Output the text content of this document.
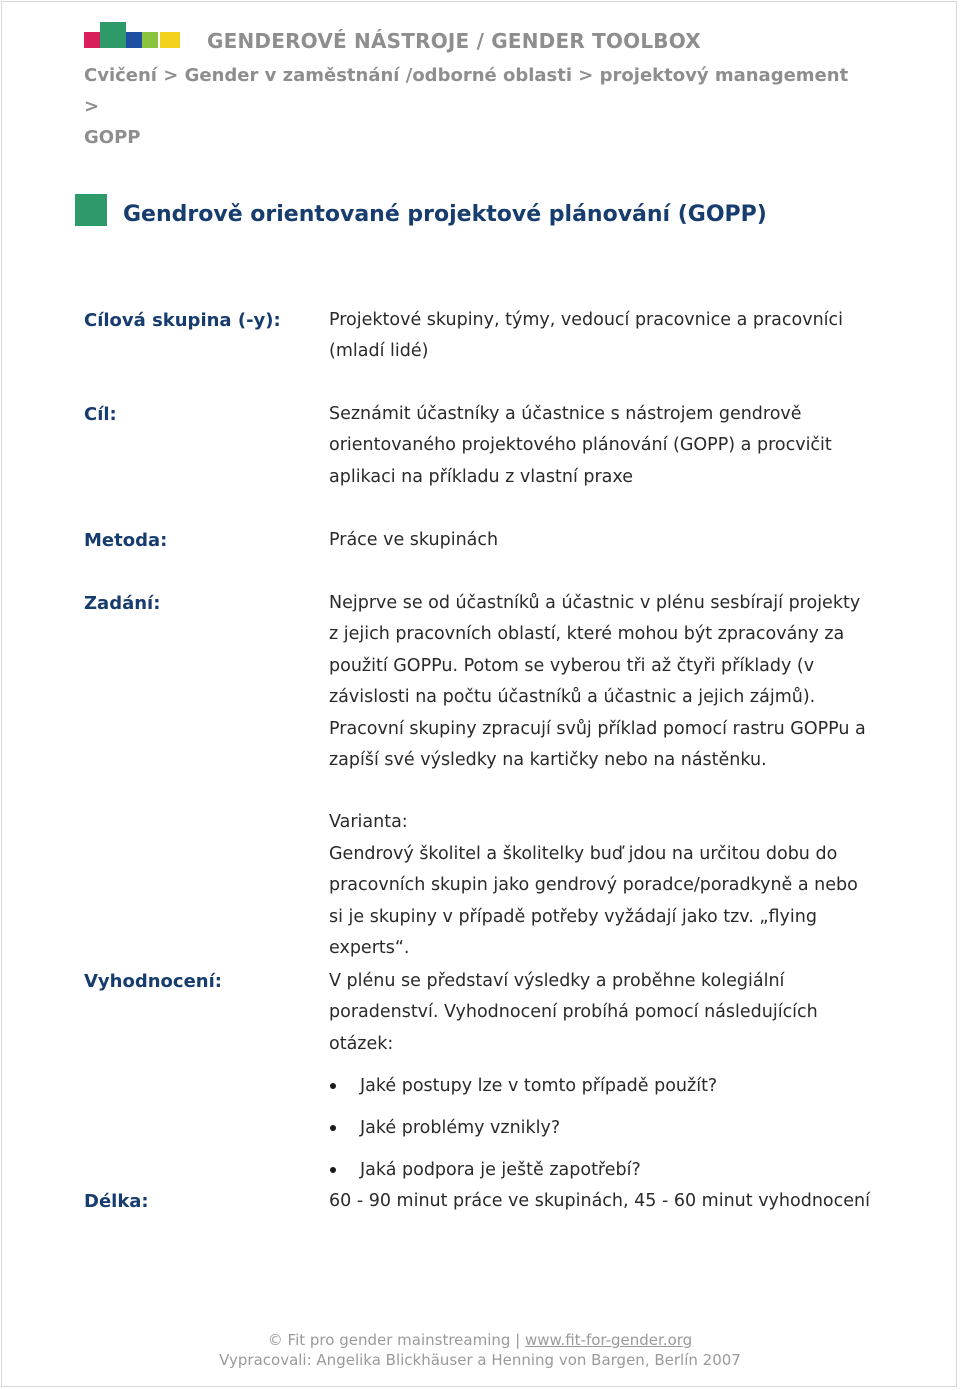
GENDEROVÉ NÁSTROJE / GENDER TOOLBOX
Cvičení > Gender v zaměstnání /odborné oblasti > projektový management >
GOPP
Gendrově orientované projektové plánování (GOPP)
Cílová skupina (-y):	Projektové skupiny, týmy, vedoucí pracovnice a pracovníci (mladí lidé)
Cíl:	Seznámit účastníky a účastnice s nástrojem gendrově orientovaného projektového plánování (GOPP) a procvičit aplikaci na příkladu z vlastní praxe
Metoda:	Práce ve skupinách
Zadání:	Nejprve se od účastníků a účastnic v plénu sesbírají projekty z jejich pracovních oblastí, které mohou být zpracovány za použití GOPPu. Potom se vyberou tři až čtyři příklady (v závislosti na počtu účastníků a účastnic a jejich zájmů). Pracovní skupiny zpracují svůj příklad pomocí rastru GOPPu a zapíší své výsledky na kartičky nebo na nástěnku.

Varianta:

Gendrový školitel a školitelky buď jdou na určitou dobu do pracovních skupin jako gendrový poradce/poradkyně a nebo si je skupiny v případě potřeby vyžádají jako tzv. „flying experts“.

Vyhodnocení:	V plénu se představí výsledky a proběhne kolegiální poradenství. Vyhodnocení probíhá pomocí následujících otázek:

Jaké postupy lze v tomto případě použít?
Jaké problémy vznikly?
Jaká podpora je ještě zapotřebí?
Délka:	60 - 90 minut práce ve skupinách, 45 - 60 minut vyhodnocení
© Fit pro gender mainstreaming | www.fit-for-gender.org
Vypracovali: Angelika Blickhäuser a Henning von Bargen, Berlín 2007
